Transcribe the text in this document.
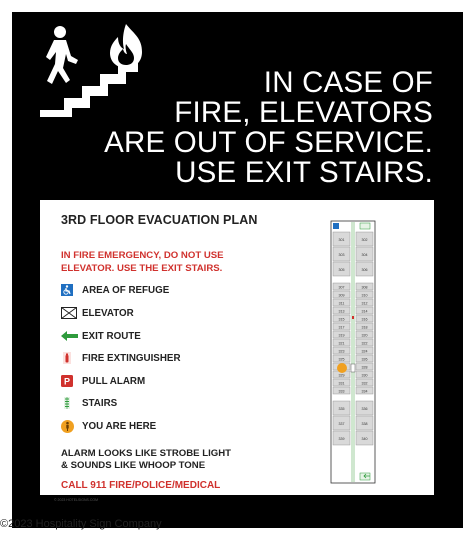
IN CASE OF
FIRE, ELEVATORS
ARE OUT OF SERVICE.
USE EXIT STAIRS.
3RD FLOOR EVACUATION PLAN
IN FIRE EMERGENCY, DO NOT USE
ELEVATOR. USE THE EXIT STAIRS.
AREA OF REFUGE
ELEVATOR
EXIT ROUTE
FIRE EXTINGUISHER
P PULL ALARM
STAIRS
YOU ARE HERE
ALARM LOOKS LIKE STROBE LIGHT
& SOUNDS LIKE WHOOP TONE
CALL 911 FIRE/POLICE/MEDICAL
© 2023 HOTELSIGNS.COM
301	302
303	304
305	306
307	308
309	310
311	312
313	314
315	316
317	318
319	320
321	322
323	324
325	326
328
329	330
331	332
333	334
335	336
337	338
339	340
©2023 Hospitality Sign Company
